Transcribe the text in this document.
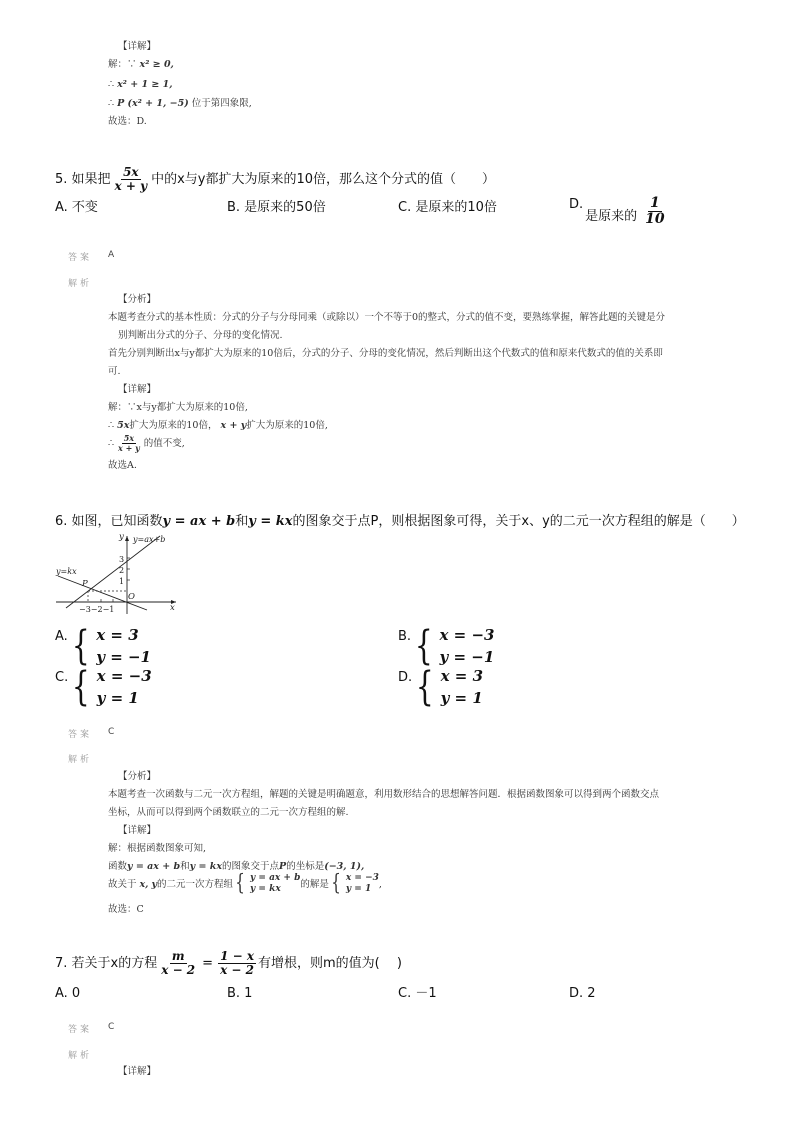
【详解】
解：∵ x² ≥ 0,
∴ x² + 1 ≥ 1,
∴ P (x² + 1, −5) 位于第四象限,
故选：D.
5. 如果把 $\frac{5x}{x + y}$ 中的x与y都扩大为原来的10倍，那么这个分式的值（　　）
A. 不变	B. 是原来的50倍	C. 是原来的10倍	D.
是原来的 $\frac{1}{10}$
答案 A
解析
【分析】
本题考查分式的基本性质：分式的分子与分母同乘（或除以）一个不等于0的整式，分式的值不变，要熟练掌握，解答此题的关键是分
别判断出分式的分子、分母的变化情况.
首先分别判断出x与y都扩大为原来的10倍后，分式的分子、分母的变化情况，然后判断出这个代数式的值和原来代数式的值的关系即
可.
【详解】
解：∵x与y都扩大为原来的10倍,
∴ 5x扩大为原来的10倍， x + y扩大为原来的10倍,
∴ $\frac{5x}{x + y}$ 的值不变,
故选A.
6. 如图，已知函数y = ax + b和y = kx的图象交于点P，则根据图象可得，关于x、y的二元一次方程组的解是（　　）
y=ax+b
y=kx
P
O
x
y
3
2
1
−3−2−1
A. { x = 3
y = −1
B. { x = −3
y = −1
C. { x = −3
y = 1
D. { x = 3
y = 1
答案 C
解析
【分析】
本题考查一次函数与二元一次方程组，解题的关键是明确题意，利用数形结合的思想解答问题．根据函数图象可以得到两个函数交点
坐标，从而可以得到两个函数联立的二元一次方程组的解.
【详解】
解：根据函数图象可知,
函数y = ax + b和y = kx的图象交于点P的坐标是(−3, 1),
故关于 x, y 的二元一次方程组 { y = ax + b
y = kx	的解是 { x = −3
y = 1 ,
故选：C
7. 若关于x的方程 $\frac{m}{x - 2} = \frac{1 - x}{x - 2}$ 有增根，则m的值为(　 )
A. 0	B. 1	C. －1	D. 2
答案 C
解析
【详解】
